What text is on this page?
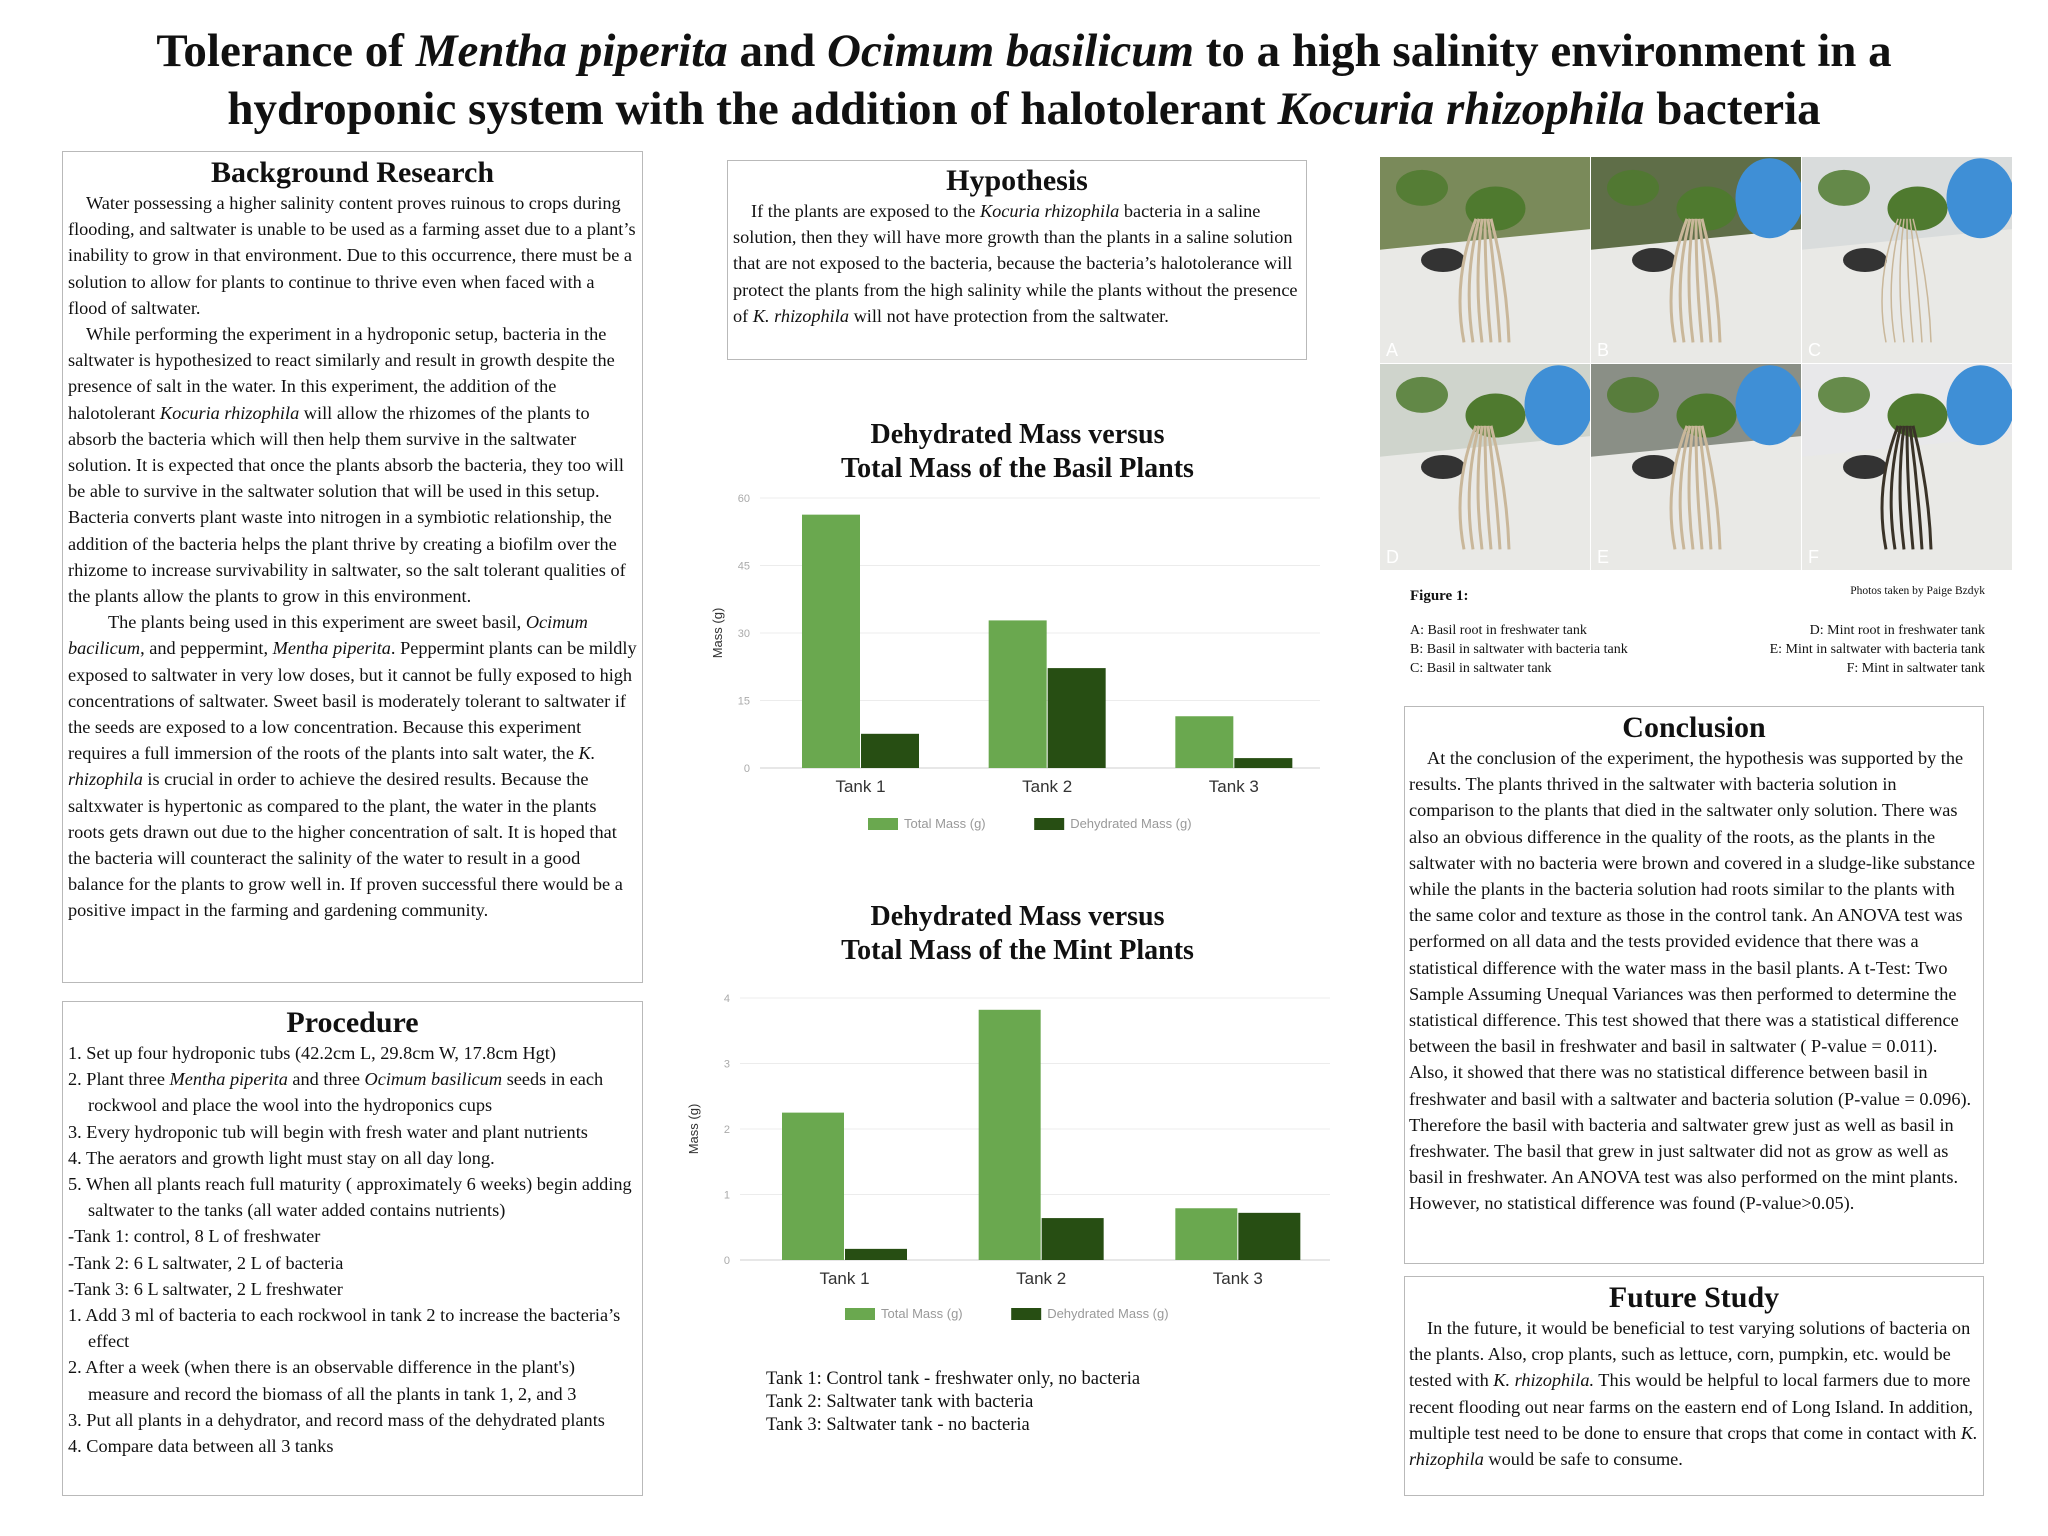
Tolerance of Mentha piperita and Ocimum basilicum to a high salinity environment in a
hydroponic system with the addition of halotolerant Kocuria rhizophila bacteria
Background Research

Water possessing a higher salinity content proves ruinous to crops during flooding, and saltwater is unable to be used as a farming asset due to a plant’s inability to grow in that environment. Due to this occurrence, there must be a solution to allow for plants to continue to thrive even when faced with a flood of saltwater.

While performing the experiment in a hydroponic setup, bacteria in the saltwater is hypothesized to react similarly and result in growth despite the presence of salt in the water. In this experiment, the addition of the halotolerant Kocuria rhizophila will allow the rhizomes of the plants to absorb the bacteria which will then help them survive in the saltwater solution. It is expected that once the plants absorb the bacteria, they too will be able to survive in the saltwater solution that will be used in this setup. Bacteria converts plant waste into nitrogen in a symbiotic relationship, the addition of the bacteria helps the plant thrive by creating a biofilm over the rhizome to increase survivability in saltwater, so the salt tolerant qualities of the plants allow the plants to grow in this environment.

The plants being used in this experiment are sweet basil, Ocimum bacilicum, and peppermint, Mentha piperita. Peppermint plants can be mildly exposed to saltwater in very low doses, but it cannot be fully exposed to high concentrations of saltwater. Sweet basil is moderately tolerant to saltwater if the seeds are exposed to a low concentration. Because this experiment requires a full immersion of the roots of the plants into salt water, the K. rhizophila is crucial in order to achieve the desired results. Because the saltxwater is hypertonic as compared to the plant, the water in the plants roots gets drawn out due to the higher concentration of salt. It is hoped that the bacteria will counteract the salinity of the water to result in a good balance for the plants to grow well in. If proven successful there would be a positive impact in the farming and gardening community.

Procedure
1. Set up four hydroponic tubs (42.2cm L, 29.8cm W, 17.8cm Hgt)
2. Plant three Mentha piperita and three Ocimum basilicum seeds in each rockwool and place the wool into the hydroponics cups
3. Every hydroponic tub will begin with fresh water and plant nutrients
4. The aerators and growth light must stay on all day long.
5. When all plants reach full maturity ( approximately 6 weeks) begin adding saltwater to the tanks (all water added contains nutrients)
-Tank 1: control, 8 L of freshwater
-Tank 2: 6 L saltwater, 2 L of bacteria
-Tank 3: 6 L saltwater, 2 L freshwater
1. Add 3 ml of bacteria to each rockwool in tank 2 to increase the bacteria’s effect
2. After a week (when there is an observable difference in the plant's) measure and record the biomass of all the plants in tank 1, 2, and 3
3. Put all plants in a dehydrator, and record mass of the dehydrated plants
4. Compare data between all 3 tanks
Hypothesis

If the plants are exposed to the Kocuria rhizophila bacteria in a saline solution, then they will have more growth than the plants in a saline solution that are not exposed to the bacteria, because the bacteria’s halotolerance will protect the plants from the high salinity while the plants without the presence of K. rhizophila will not have protection from the saltwater.

Dehydrated Mass versus
Total Mass of the Basil Plants
0
15
30
45
60
Mass (g)
Tank 1	Tank 2	Tank 3
Total Mass (g)	Dehydrated Mass (g)
Dehydrated Mass versus
Total Mass of the Mint Plants
0
1
2
3
4
Mass (g)
Tank 1	Tank 2	Tank 3
Total Mass (g)	Dehydrated Mass (g)
Tank 1: Control tank - freshwater only, no bacteria
Tank 2: Saltwater tank with bacteria
Tank 3: Saltwater tank - no bacteria
A	B	C
D	E	F
Figure 1:	Photos taken by Paige Bzdyk
A: Basil root in freshwater tank
B: Basil in saltwater with bacteria tank
C: Basil in saltwater tank
D: Mint root in freshwater tank
E: Mint in saltwater with bacteria tank
F: Mint in saltwater tank
Conclusion

At the conclusion of the experiment, the hypothesis was supported by the results. The plants thrived in the saltwater with bacteria solution in comparison to the plants that died in the saltwater only solution. There was also an obvious difference in the quality of the roots, as the plants in the saltwater with no bacteria were brown and covered in a sludge-like substance while the plants in the bacteria solution had roots similar to the plants with the same color and texture as those in the control tank. An ANOVA test was performed on all data and the tests provided evidence that there was a statistical difference with the water mass in the basil plants. A t-Test: Two Sample Assuming Unequal Variances was then performed to determine the statistical difference. This test showed that there was a statistical difference between the basil in freshwater and basil in saltwater ( P-value = 0.011). Also, it showed that there was no statistical difference between basil in freshwater and basil with a saltwater and bacteria solution (P-value = 0.096). Therefore the basil with bacteria and saltwater grew just as well as basil in freshwater. The basil that grew in just saltwater did not as grow as well as basil in freshwater. An ANOVA test was also performed on the mint plants. However, no statistical difference was found (P-value>0.05).

Future Study

In the future, it would be beneficial to test varying solutions of bacteria on the plants. Also, crop plants, such as lettuce, corn, pumpkin, etc. would be tested with K. rhizophila. This would be helpful to local farmers due to more recent flooding out near farms on the eastern end of Long Island. In addition, multiple test need to be done to ensure that crops that come in contact with K. rhizophila would be safe to consume.
